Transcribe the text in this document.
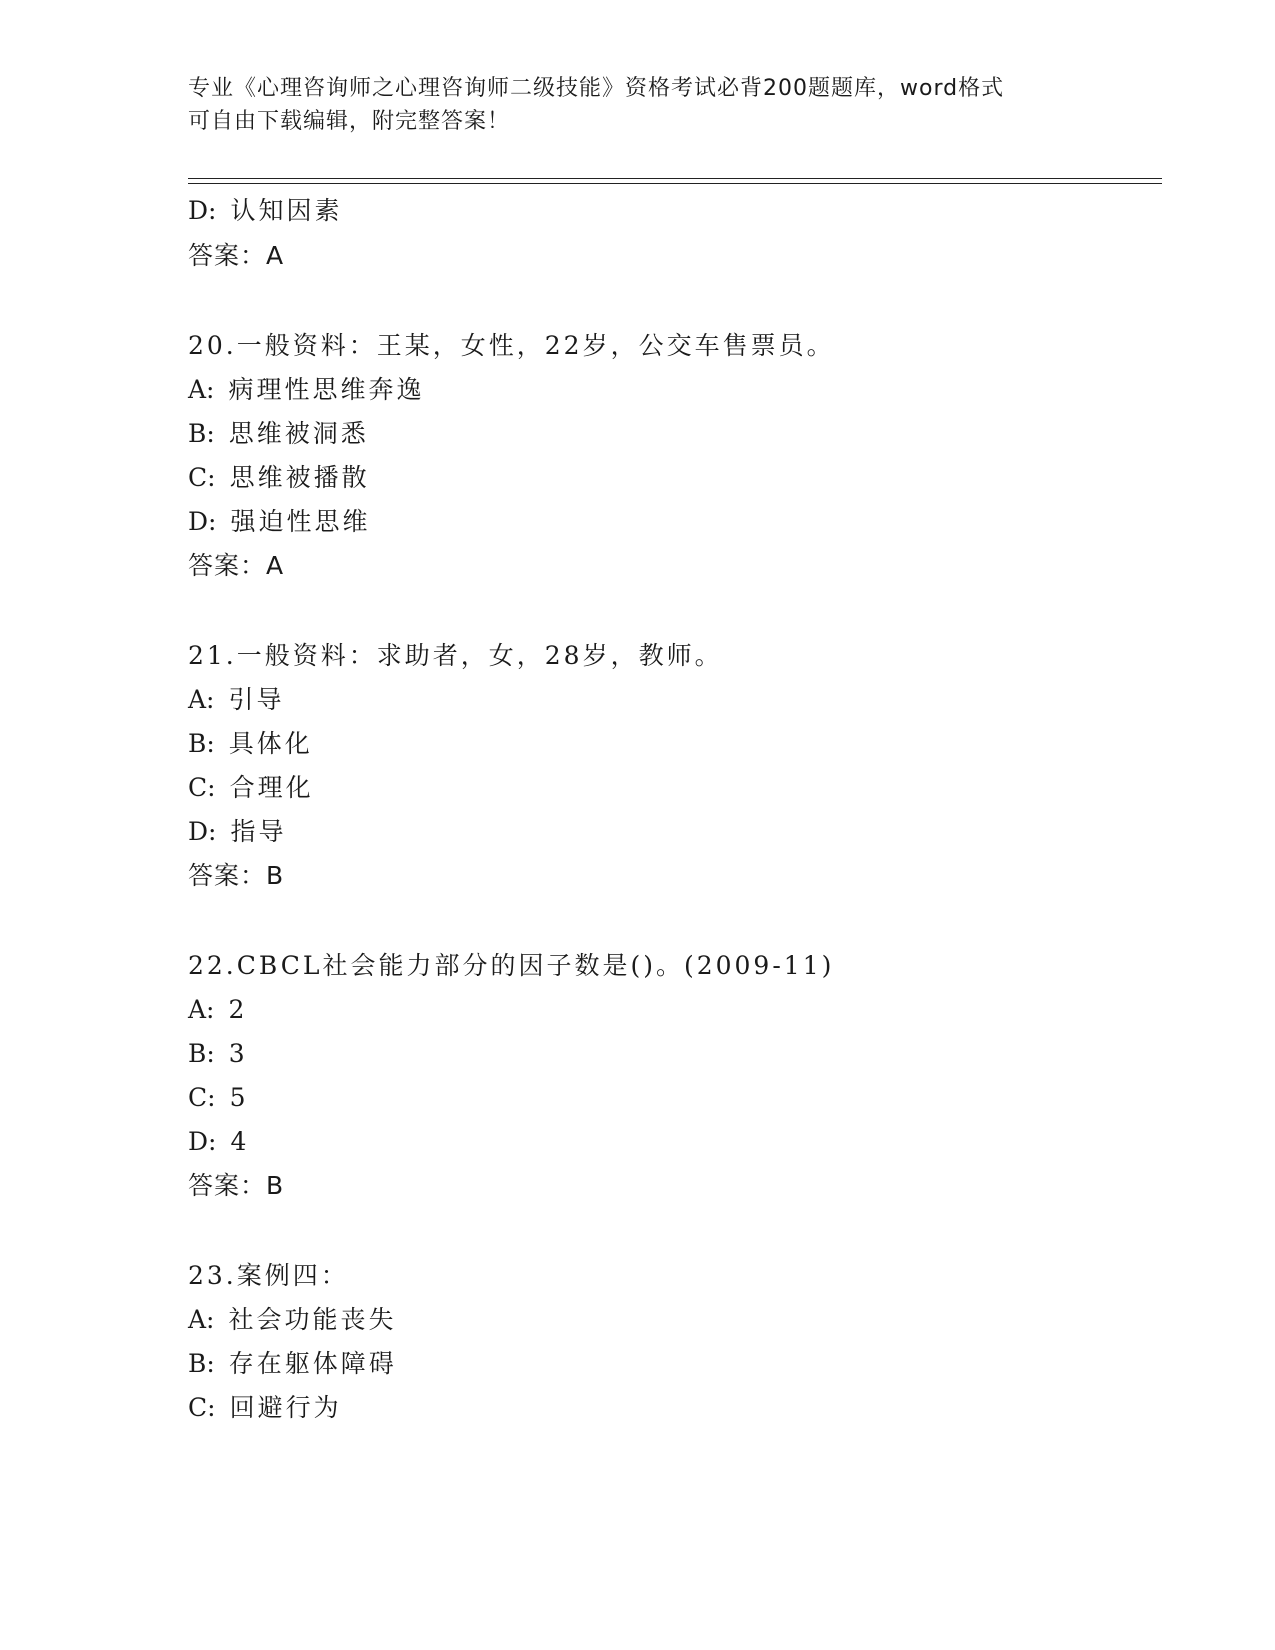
专业《心理咨询师之心理咨询师二级技能》资格考试必背200题题库，word格式
可自由下载编辑，附完整答案！
D: 认知因素
答案：A
20.一般资料：王某，女性，22岁，公交车售票员。
A: 病理性思维奔逸
B: 思维被洞悉
C: 思维被播散
D: 强迫性思维
答案：A
21.一般资料：求助者，女，28岁，教师。
A: 引导
B: 具体化
C: 合理化
D: 指导
答案：B
22.CBCL社会能力部分的因子数是()。(2009-11)
A: 2
B: 3
C: 5
D: 4
答案：B
23.案例四：
A: 社会功能丧失
B: 存在躯体障碍
C: 回避行为
